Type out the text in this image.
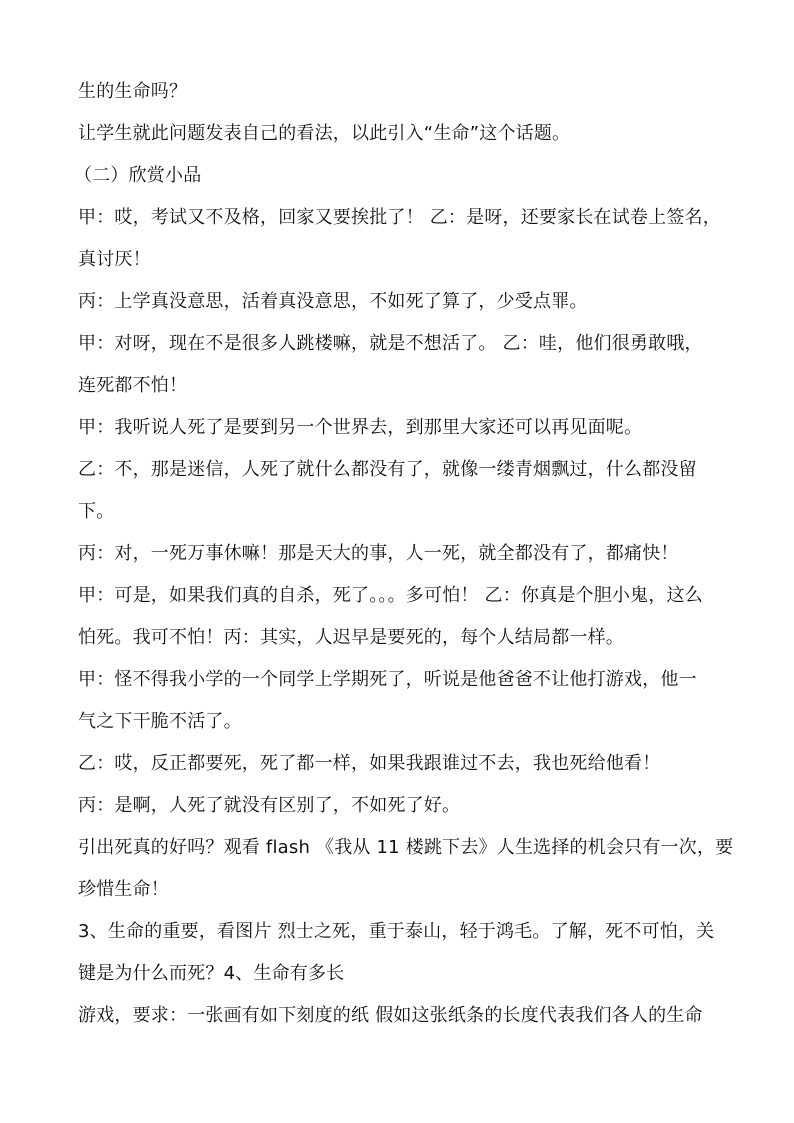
生的生命吗？

让学生就此问题发表自己的看法，以此引入“生命”这个话题。

（二）欣赏小品

甲：哎，考试又不及格，回家又要挨批了！ 乙：是呀，还要家长在试卷上签名，

真讨厌！

丙：上学真没意思，活着真没意思，不如死了算了，少受点罪。

甲：对呀，现在不是很多人跳楼嘛，就是不想活了。 乙：哇，他们很勇敢哦，

连死都不怕！

甲：我听说人死了是要到另一个世界去，到那里大家还可以再见面呢。

乙：不，那是迷信，人死了就什么都没有了，就像一缕青烟飘过，什么都没留

下。

丙：对，一死万事休嘛！那是天大的事，人一死，就全都没有了，都痛快！

甲：可是，如果我们真的自杀，死了。。。多可怕！ 乙：你真是个胆小鬼，这么

怕死。我可不怕！丙：其实，人迟早是要死的，每个人结局都一样。

甲：怪不得我小学的一个同学上学期死了，听说是他爸爸不让他打游戏，他一

气之下干脆不活了。

乙：哎，反正都要死，死了都一样，如果我跟谁过不去，我也死给他看！

丙：是啊，人死了就没有区别了，不如死了好。

引出死真的好吗？观看 flash 《我从 11 楼跳下去》人生选择的机会只有一次，要

珍惜生命！

3、生命的重要，看图片 烈士之死，重于泰山，轻于鸿毛。了解，死不可怕，关

键是为什么而死？4、生命有多长

游戏，要求：一张画有如下刻度的纸 假如这张纸条的长度代表我们各人的生命
